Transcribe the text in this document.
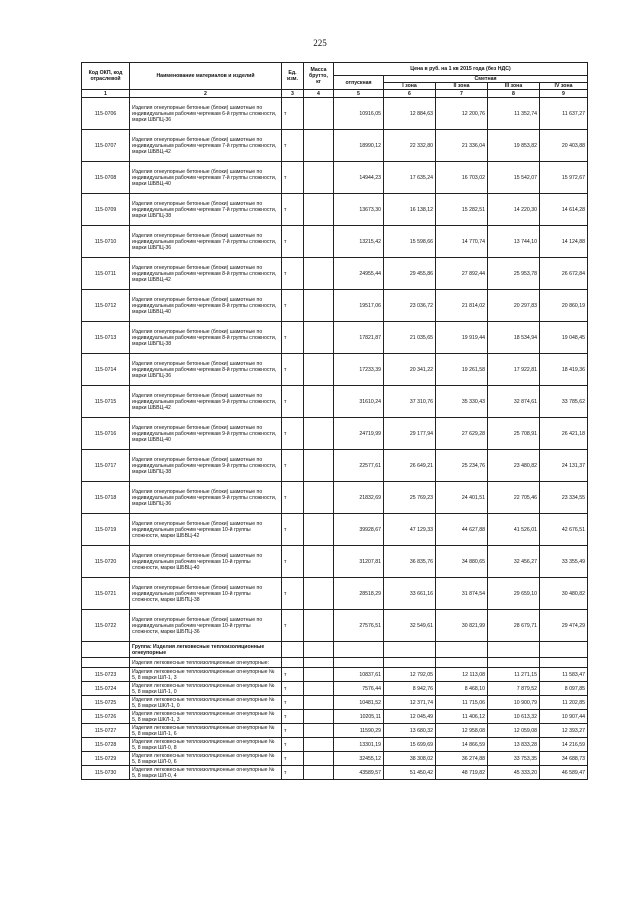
225
Код ОКП, код отраслевой	Наименование материалов и изделий	Ед. изм.	Масса брутто, кг	Цена в руб. на 1 кв 2015 года (без НДС)				
				отпускная	Сметная			
					I зона	II зона	III зона	IV зона
1	2	3	4	5	6	7	8	9
115-0706	Изделия огнеупорные бетонные (блоки) шамотные по индивидуальным рабочим чертежам 6-й группы сложности, марки ШБПЦ-36	т		10916,05	12 884,63	12 200,76	11 352,74	11 637,27
115-0707	Изделия огнеупорные бетонные (блоки) шамотные по индивидуальным рабочим чертежам 7-й группы сложности, марки ШБВЦ-42	т		18990,12	22 332,80	21 336,04	19 853,82	20 403,88
115-0708	Изделия огнеупорные бетонные (блоки) шамотные по индивидуальным рабочим чертежам 7-й группы сложности, марки ШБВЦ-40	т		14944,23	17 635,24	16 703,02	15 542,07	15 972,67
115-0709	Изделия огнеупорные бетонные (блоки) шамотные по индивидуальным рабочим чертежам 7-й группы сложности, марки ШБПЦ-38	т		13673,30	16 138,12	15 282,51	14 220,30	14 614,28
115-0710	Изделия огнеупорные бетонные (блоки) шамотные по индивидуальным рабочим чертежам 7-й группы сложности, марки ШБПЦ-36	т		13215,42	15 598,66	14 770,74	13 744,10	14 124,88
115-0711	Изделия огнеупорные бетонные (блоки) шамотные по индивидуальным рабочим чертежам 8-й группы сложности, марки ШБВЦ-42	т		24955,44	29 455,86	27 892,44	25 953,78	26 672,84
115-0712	Изделия огнеупорные бетонные (блоки) шамотные по индивидуальным рабочим чертежам 8-й группы сложности, марки ШБВЦ-40	т		19517,06	23 036,72	21 814,02	20 297,83	20 860,19
115-0713	Изделия огнеупорные бетонные (блоки) шамотные по индивидуальным рабочим чертежам 8-й группы сложности, марки ШБПЦ-38	т		17821,87	21 035,65	19 919,44	18 534,94	19 048,45
115-0714	Изделия огнеупорные бетонные (блоки) шамотные по индивидуальным рабочим чертежам 8-й группы сложности, марки ШБПЦ-36	т		17233,39	20 341,22	19 261,58	17 922,81	18 419,36
115-0715	Изделия огнеупорные бетонные (блоки) шамотные по индивидуальным рабочим чертежам 9-й группы сложности, марки ШБВЦ-42	т		31610,24	37 310,76	35 330,43	32 874,61	33 785,62
115-0716	Изделия огнеупорные бетонные (блоки) шамотные по индивидуальным рабочим чертежам 9-й группы сложности, марки ШБВЦ-40	т		24719,99	29 177,94	27 629,28	25 708,91	26 421,18
115-0717	Изделия огнеупорные бетонные (блоки) шамотные по индивидуальным рабочим чертежам 9-й группы сложности, марки ШБПЦ-38	т		22577,61	26 649,21	25 234,76	23 480,82	24 131,37
115-0718	Изделия огнеупорные бетонные (блоки) шамотные по индивидуальным рабочим чертежам 9-й группы сложности, марки ШБПЦ-36	т		21832,69	25 769,23	24 401,51	22 705,46	23 334,55
115-0719	Изделия огнеупорные бетонные (блоки) шамотные по индивидуальным рабочим чертежам 10-й группы сложности, марки ШБВЦ-42	т		39928,67	47 129,33	44 627,88	41 526,01	42 676,51
115-0720	Изделия огнеупорные бетонные (блоки) шамотные по индивидуальным рабочим чертежам 10-й группы сложности, марки ШБВЦ-40	т		31207,81	36 835,76	34 880,65	32 456,27	33 355,49
115-0721	Изделия огнеупорные бетонные (блоки) шамотные по индивидуальным рабочим чертежам 10-й группы сложности, марки ШБПЦ-38	т		28518,29	33 661,16	31 874,54	29 659,10	30 480,82
115-0722	Изделия огнеупорные бетонные (блоки) шамотные по индивидуальным рабочим чертежам 10-й группы сложности, марки ШБПЦ-36	т		27576,51	32 549,61	30 821,99	28 679,71	29 474,29
	Группа: Изделия легковесные теплоизоляционные огнеупорные							
	Изделия легковесные теплоизоляционные огнеупорные:							
115-0723	Изделия легковесные теплоизоляционные огнеупорные № 5, 8 марки ШЛ-1, 3	т		10837,61	12 792,05	12 113,08	11 271,15	11 583,47
115-0724	Изделия легковесные теплоизоляционные огнеупорные № 5, 8 марки ШЛ-1, 0	т		7576,44	8 942,76	8 468,10	7 879,52	8 097,85
115-0725	Изделия легковесные теплоизоляционные огнеупорные № 5, 8 марки ШКЛ-1, 0	т		10481,52	12 371,74	11 715,06	10 900,79	11 202,85
115-0726	Изделия легковесные теплоизоляционные огнеупорные № 5, 8 марки ШКЛ-1, 3	т		10205,11	12 045,49	11 406,12	10 613,32	10 907,44
115-0727	Изделия легковесные теплоизоляционные огнеупорные № 5, 8 марки ШЛ-1, 6	т		11590,29	13 680,32	12 958,08	12 059,08	12 393,27
115-0728	Изделия легковесные теплоизоляционные огнеупорные № 5, 8 марки ШЛ-0, 8	т		13301,19	15 699,69	14 866,59	13 833,28	14 216,59
115-0729	Изделия легковесные теплоизоляционные огнеупорные № 5, 8 марки ШЛ-0, 6	т		32455,12	38 308,02	36 274,88	33 753,35	34 688,73
115-0730	Изделия легковесные теплоизоляционные огнеупорные № 5, 8 марки ШЛ-0, 4	т		43589,57	51 450,42	48 719,82	45 333,20	46 589,47
